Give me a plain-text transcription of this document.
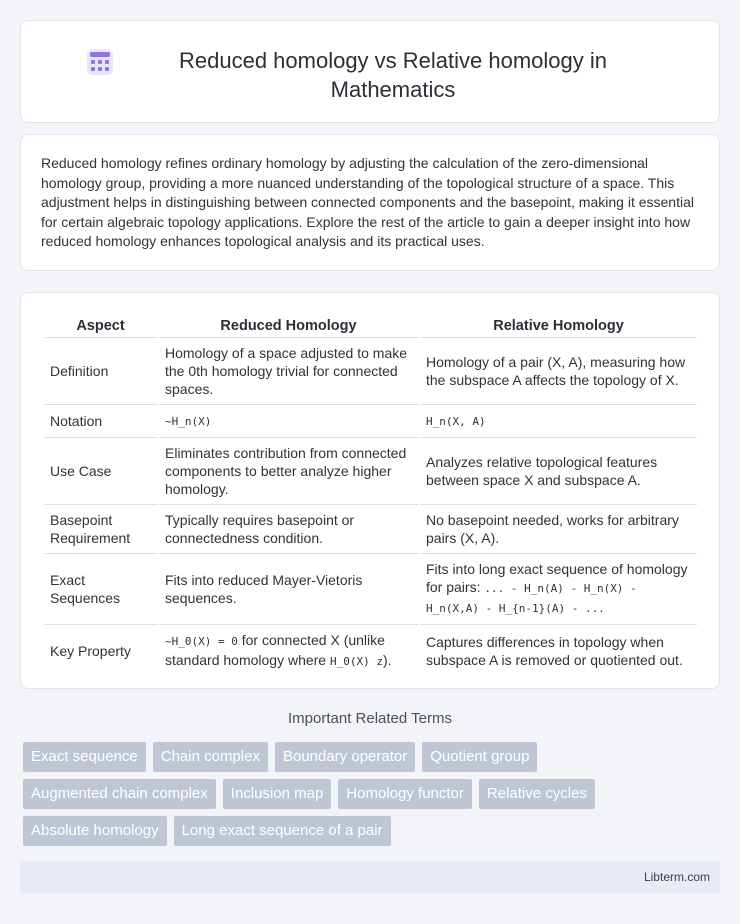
Reduced homology vs Relative homology in Mathematics

Reduced homology refines ordinary homology by adjusting the calculation of the zero-dimensional homology group, providing a more nuanced understanding of the topological structure of a space. This adjustment helps in distinguishing between connected components and the basepoint, making it essential for certain algebraic topology applications. Explore the rest of the article to gain a deeper insight into how reduced homology enhances topological analysis and its practical uses.

Aspect	Reduced Homology	Relative Homology
Definition	Homology of a space adjusted to make the 0th homology trivial for connected spaces.	Homology of a pair (X, A), measuring how the subspace A affects the topology of X.
Notation	~H_n(X)	H_n(X, A)
Use Case	Eliminates contribution from connected components to better analyze higher homology.	Analyzes relative topological features between space X and subspace A.
Basepoint Requirement	Typically requires basepoint or connectedness condition.	No basepoint needed, works for arbitrary pairs (X, A).
Exact Sequences	Fits into reduced Mayer-Vietoris sequences.	Fits into long exact sequence of homology for pairs: ... - H_n(A) - H_n(X) - H_n(X,A) - H_{n-1}(A) - ...
Key Property	~H_0(X) = 0 for connected X (unlike standard homology where H_0(X) z).	Captures differences in topology when subspace A is removed or quotiented out.
Important Related Terms
Exact sequence	Chain complex	Boundary operator	Quotient group
Augmented chain complex	Inclusion map	Homology functor	Relative cycles
Absolute homology	Long exact sequence of a pair
Libterm.com
